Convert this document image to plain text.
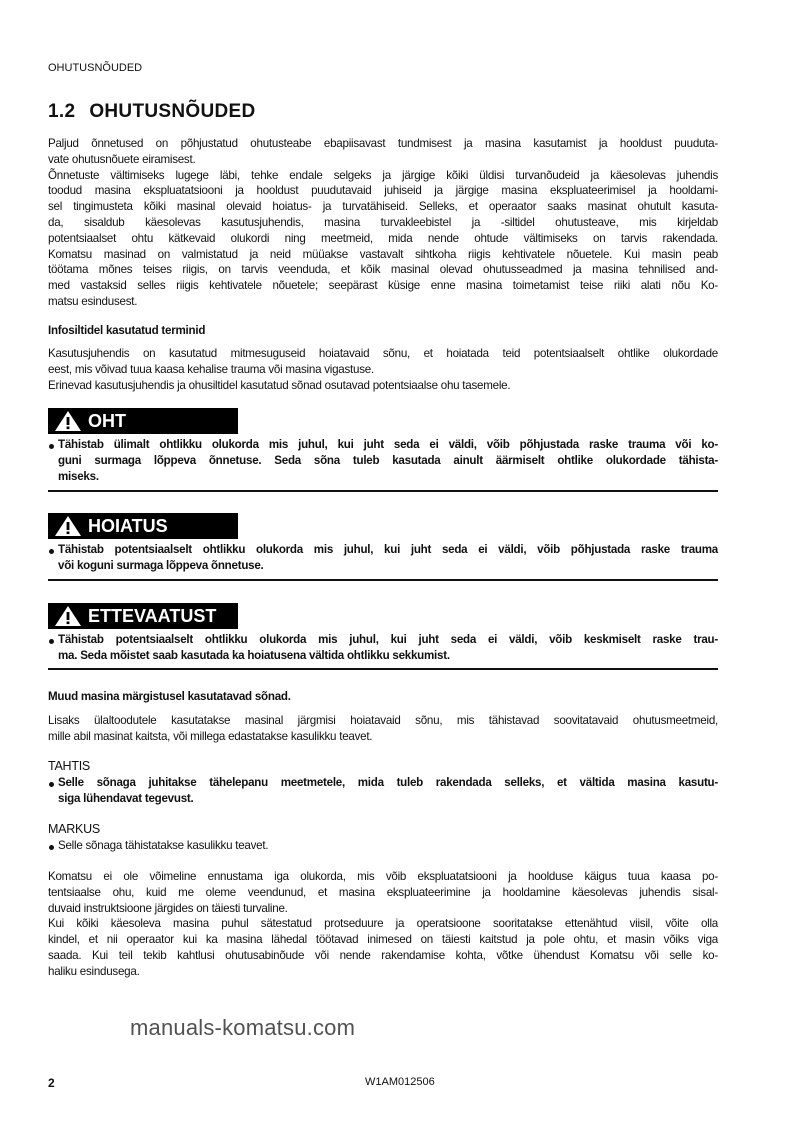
OHUTUSNÕUDED
1.2 OHUTUSNÕUDED
Paljud õnnetused on põhjustatud ohutusteabe ebapiisavast tundmisest ja masina kasutamist ja hooldust puuduta-
vate ohutusnõuete eiramisest.
Õnnetuste vältimiseks lugege läbi, tehke endale selgeks ja järgige kõiki üldisi turvanõudeid ja käesolevas juhendis
toodud masina ekspluatatsiooni ja hooldust puudutavaid juhiseid ja järgige masina ekspluateerimisel ja hooldami-
sel tingimusteta kõiki masinal olevaid hoiatus- ja turvatähiseid. Selleks, et operaator saaks masinat ohutult kasuta-
da, sisaldub käesolevas kasutusjuhendis, masina turvakleebistel ja -siltidel ohutusteave, mis kirjeldab
potentsiaalset ohtu kätkevaid olukordi ning meetmeid, mida nende ohtude vältimiseks on tarvis rakendada.
Komatsu masinad on valmistatud ja neid müüakse vastavalt sihtkoha riigis kehtivatele nõuetele. Kui masin peab
töötama mõnes teises riigis, on tarvis veenduda, et kõik masinal olevad ohutusseadmed ja masina tehnilised and-
med vastaksid selles riigis kehtivatele nõuetele; seepärast küsige enne masina toimetamist teise riiki alati nõu Ko-
matsu esindusest.
Infosiltidel kasutatud terminid
Kasutusjuhendis on kasutatud mitmesuguseid hoiatavaid sõnu, et hoiatada teid potentsiaalselt ohtlike olukordade
eest, mis võivad tuua kaasa kehalise trauma või masina vigastuse.
Erinevad kasutusjuhendis ja ohusiltidel kasutatud sõnad osutavad potentsiaalse ohu tasemele.
OHT
Tähistab ülimalt ohtlikku olukorda mis juhul, kui juht seda ei väldi, võib põhjustada raske trauma või ko-
guni surmaga lõppeva õnnetuse. Seda sõna tuleb kasutada ainult äärmiselt ohtlike olukordade tähista-
miseks.
HOIATUS
Tähistab potentsiaalselt ohtlikku olukorda mis juhul, kui juht seda ei väldi, võib põhjustada raske trauma
või koguni surmaga lõppeva õnnetuse.
ETTEVAATUST
Tähistab potentsiaalselt ohtlikku olukorda mis juhul, kui juht seda ei väldi, võib keskmiselt raske trau-
ma. Seda mõistet saab kasutada ka hoiatusena vältida ohtlikku sekkumist.
Muud masina märgistusel kasutatavad sõnad.
Lisaks ülaltoodutele kasutatakse masinal järgmisi hoiatavaid sõnu, mis tähistavad soovitatavaid ohutusmeetmeid,
mille abil masinat kaitsta, või millega edastatakse kasulikku teavet.
TAHTIS
Selle sõnaga juhitakse tähelepanu meetmetele, mida tuleb rakendada selleks, et vältida masina kasutu-
siga lühendavat tegevust.
MARKUS
Selle sõnaga tähistatakse kasulikku teavet.
Komatsu ei ole võimeline ennustama iga olukorda, mis võib ekspluatatsiooni ja hoolduse käigus tuua kaasa po-
tentsiaalse ohu, kuid me oleme veendunud, et masina ekspluateerimine ja hooldamine käesolevas juhendis sisal-
duvaid instruktsioone järgides on täiesti turvaline.
Kui kõiki käesoleva masina puhul sätestatud protseduure ja operatsioone sooritatakse ettenähtud viisil, võite olla
kindel, et nii operaator kui ka masina lähedal töötavad inimesed on täiesti kaitstud ja pole ohtu, et masin võiks viga
saada. Kui teil tekib kahtlusi ohutusabinõude või nende rakendamise kohta, võtke ühendust Komatsu või selle ko-
haliku esindusega.
manuals-komatsu.com
2	W1AM012506
